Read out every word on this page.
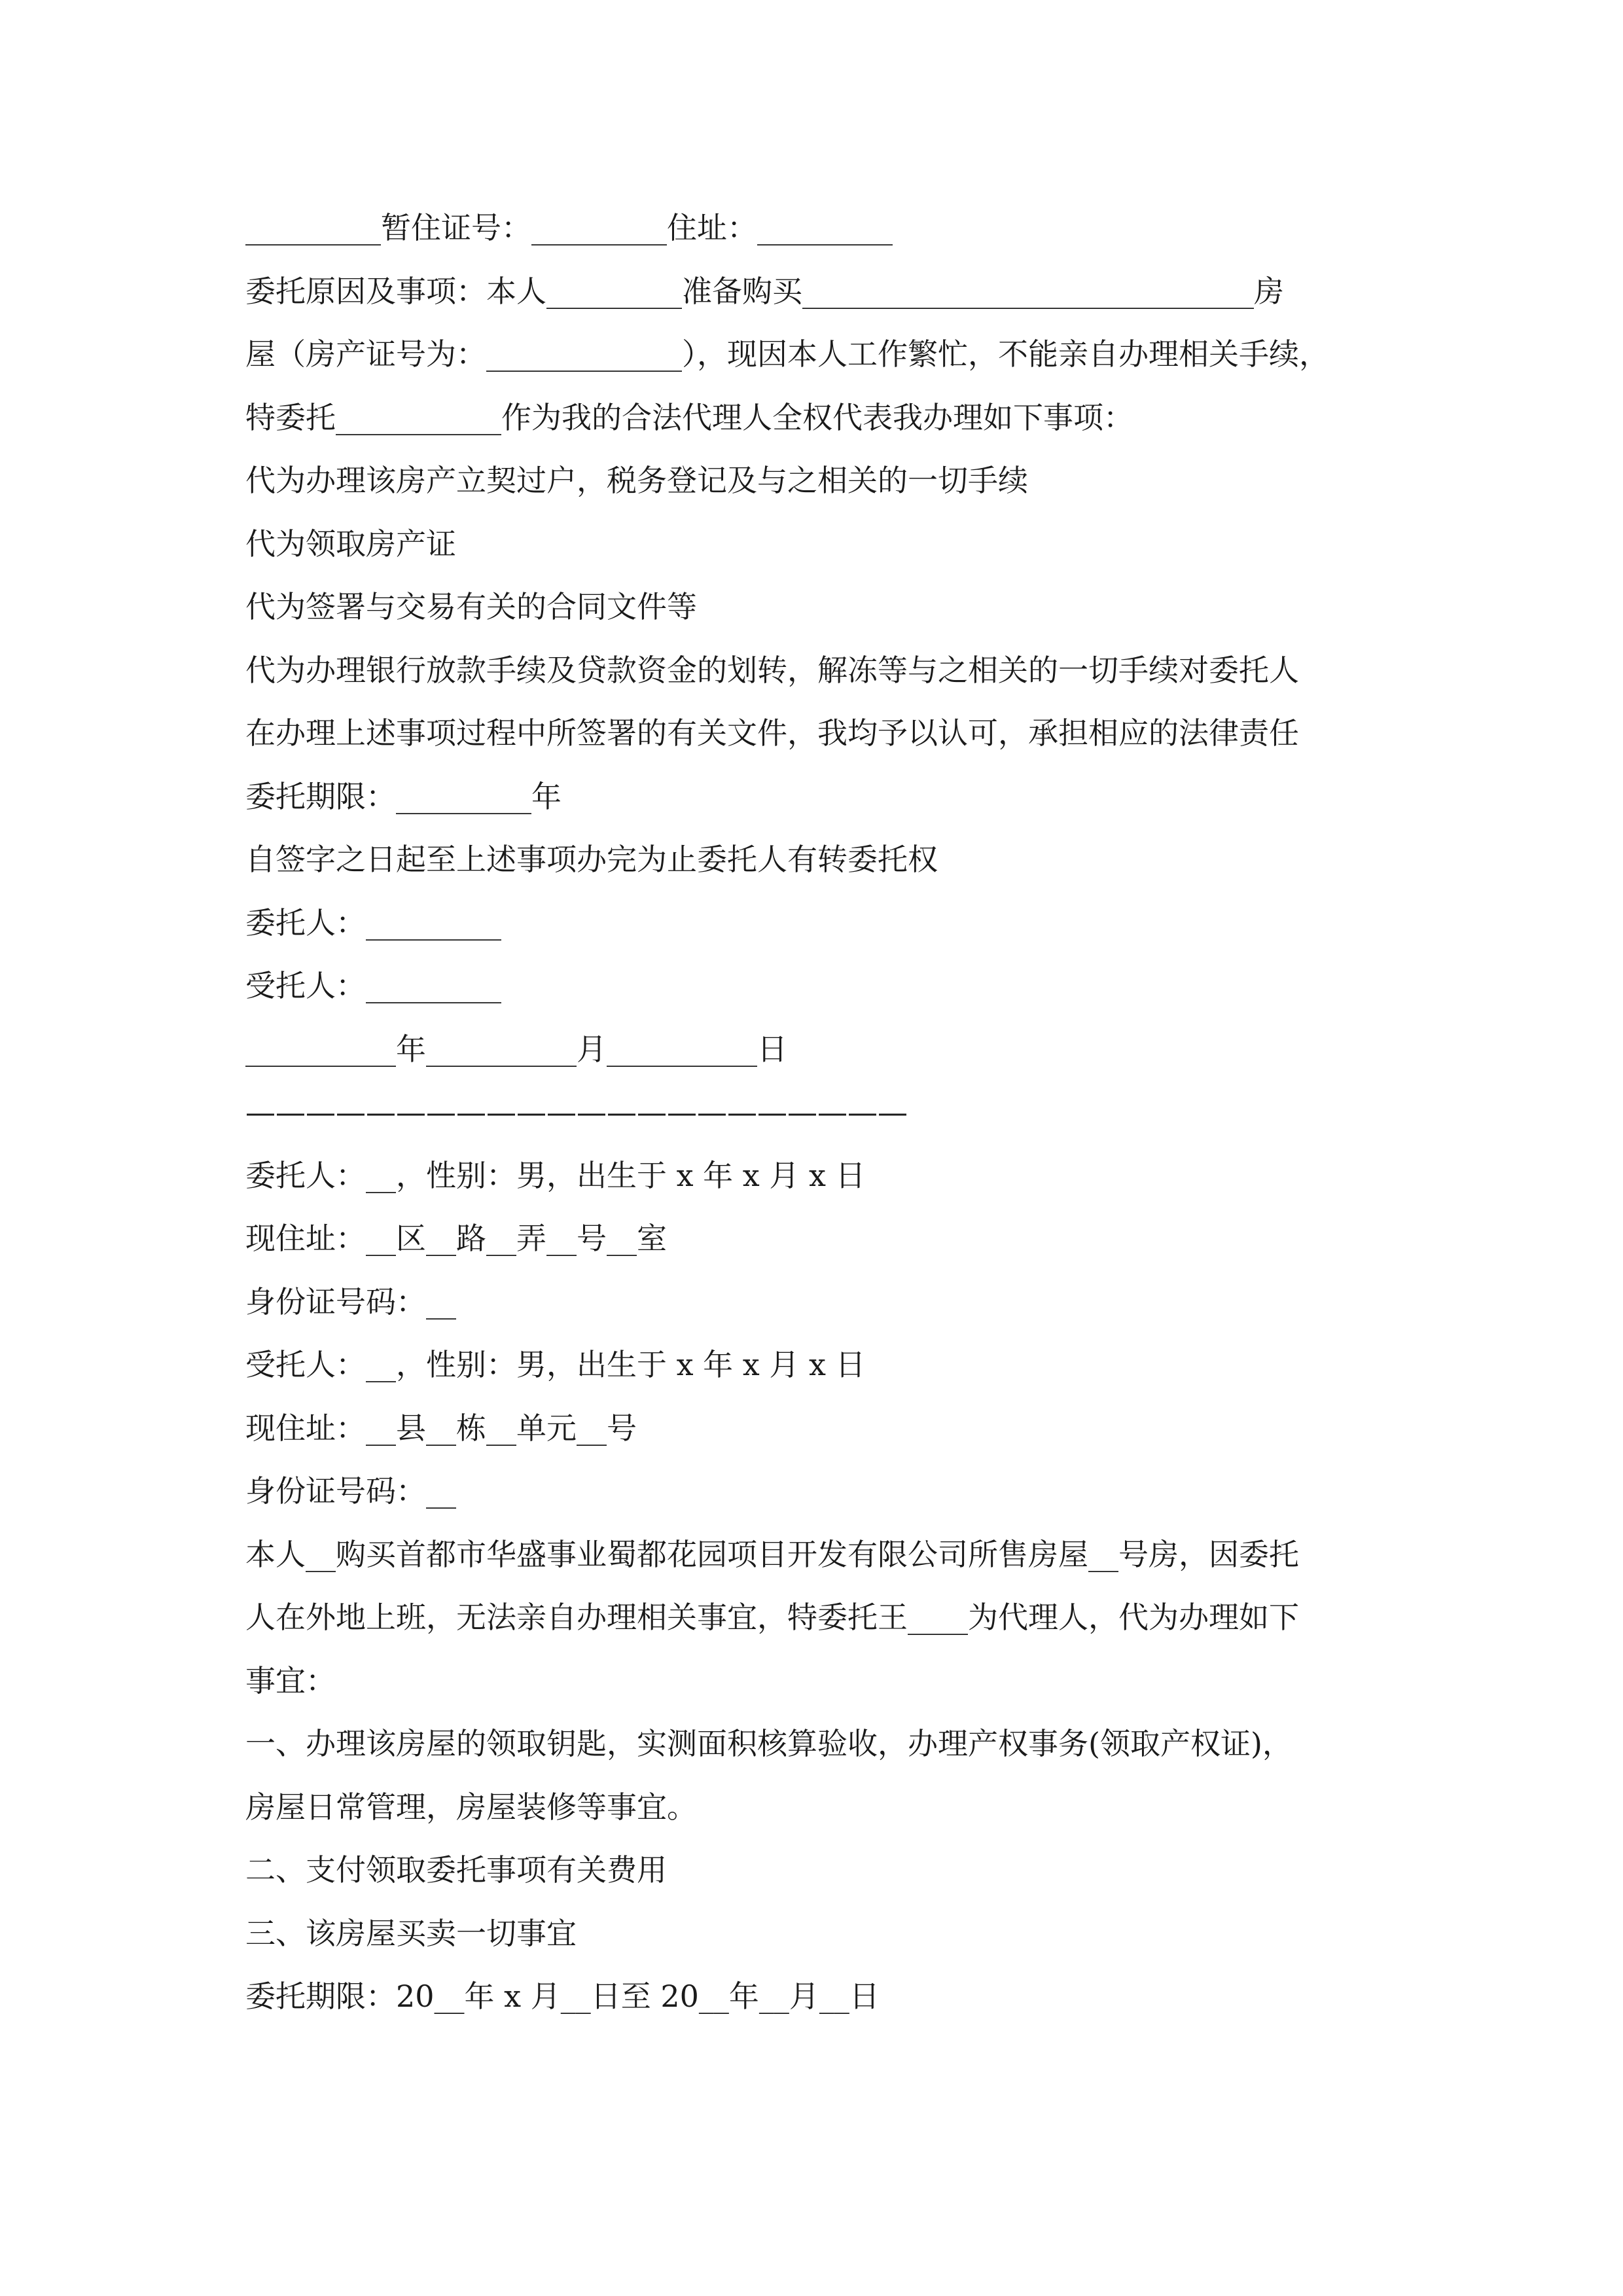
_________暂住证号：_________住址：_________
委托原因及事项：本人_________准备购买______________________________房
屋（房产证号为：_____________），现因本人工作繁忙，不能亲自办理相关手续，
特委托___________作为我的合法代理人全权代表我办理如下事项：
代为办理该房产立契过户，税务登记及与之相关的一切手续
代为领取房产证
代为签署与交易有关的合同文件等
代为办理银行放款手续及贷款资金的划转，解冻等与之相关的一切手续对委托人
在办理上述事项过程中所签署的有关文件，我均予以认可，承担相应的法律责任
委托期限：_________年
自签字之日起至上述事项办完为止委托人有转委托权
委托人：_________
受托人：_________
__________年__________月__________日
——————————————————————
委托人：__，性别：男，出生于 x 年 x 月 x 日
现住址：__区__路__弄__号__室
身份证号码：__
受托人：__，性别：男，出生于 x 年 x 月 x 日
现住址：__县__栋__单元__号
身份证号码：__
本人__购买首都市华盛事业蜀都花园项目开发有限公司所售房屋__号房，因委托
人在外地上班，无法亲自办理相关事宜，特委托王____为代理人，代为办理如下
事宜：
一、办理该房屋的领取钥匙，实测面积核算验收，办理产权事务(领取产权证)，
房屋日常管理，房屋装修等事宜。
二、支付领取委托事项有关费用
三、该房屋买卖一切事宜
委托期限：20__年 x 月__日至 20__年__月__日
